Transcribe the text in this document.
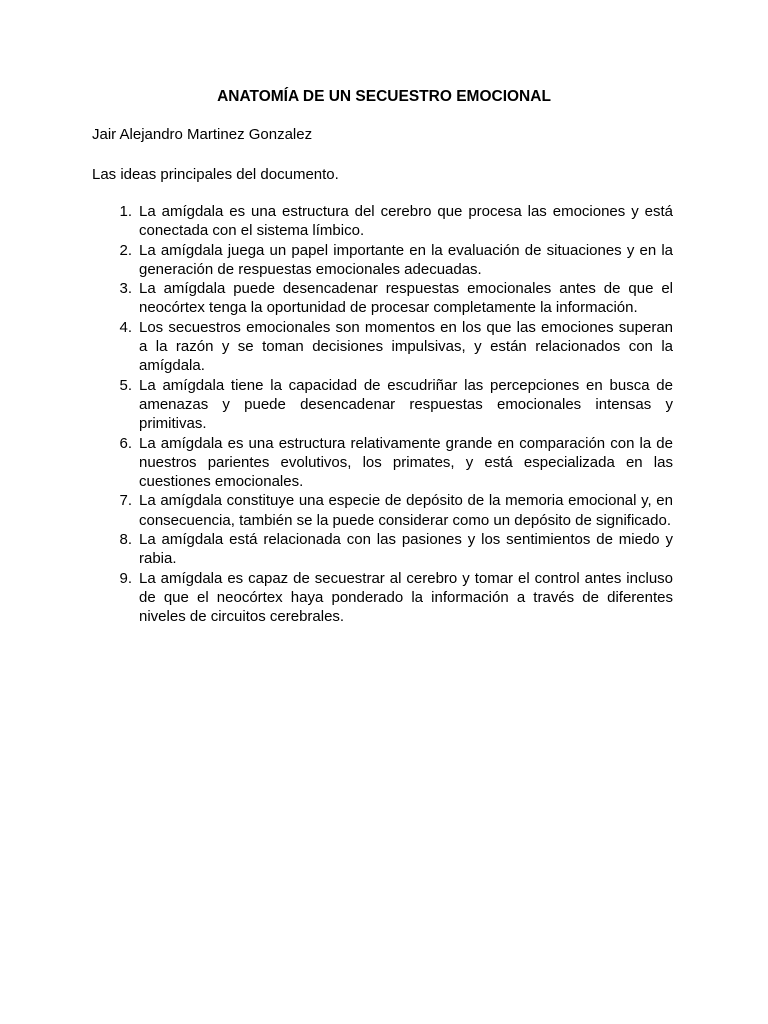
ANATOMÍA DE UN SECUESTRO EMOCIONAL

Jair Alejandro Martinez Gonzalez

Las ideas principales del documento.

1. La amígdala es una estructura del cerebro que procesa las emociones y está conectada con el sistema límbico.
2. La amígdala juega un papel importante en la evaluación de situaciones y en la generación de respuestas emocionales adecuadas.
3. La amígdala puede desencadenar respuestas emocionales antes de que el neocórtex tenga la oportunidad de procesar completamente la información.
4. Los secuestros emocionales son momentos en los que las emociones superan a la razón y se toman decisiones impulsivas, y están relacionados con la amígdala.
5. La amígdala tiene la capacidad de escudriñar las percepciones en busca de amenazas y puede desencadenar respuestas emocionales intensas y primitivas.
6. La amígdala es una estructura relativamente grande en comparación con la de nuestros parientes evolutivos, los primates, y está especializada en las cuestiones emocionales.
7. La amígdala constituye una especie de depósito de la memoria emocional y, en consecuencia, también se la puede considerar como un depósito de significado.
8. La amígdala está relacionada con las pasiones y los sentimientos de miedo y rabia.
9. La amígdala es capaz de secuestrar al cerebro y tomar el control antes incluso de que el neocórtex haya ponderado la información a través de diferentes niveles de circuitos cerebrales.
